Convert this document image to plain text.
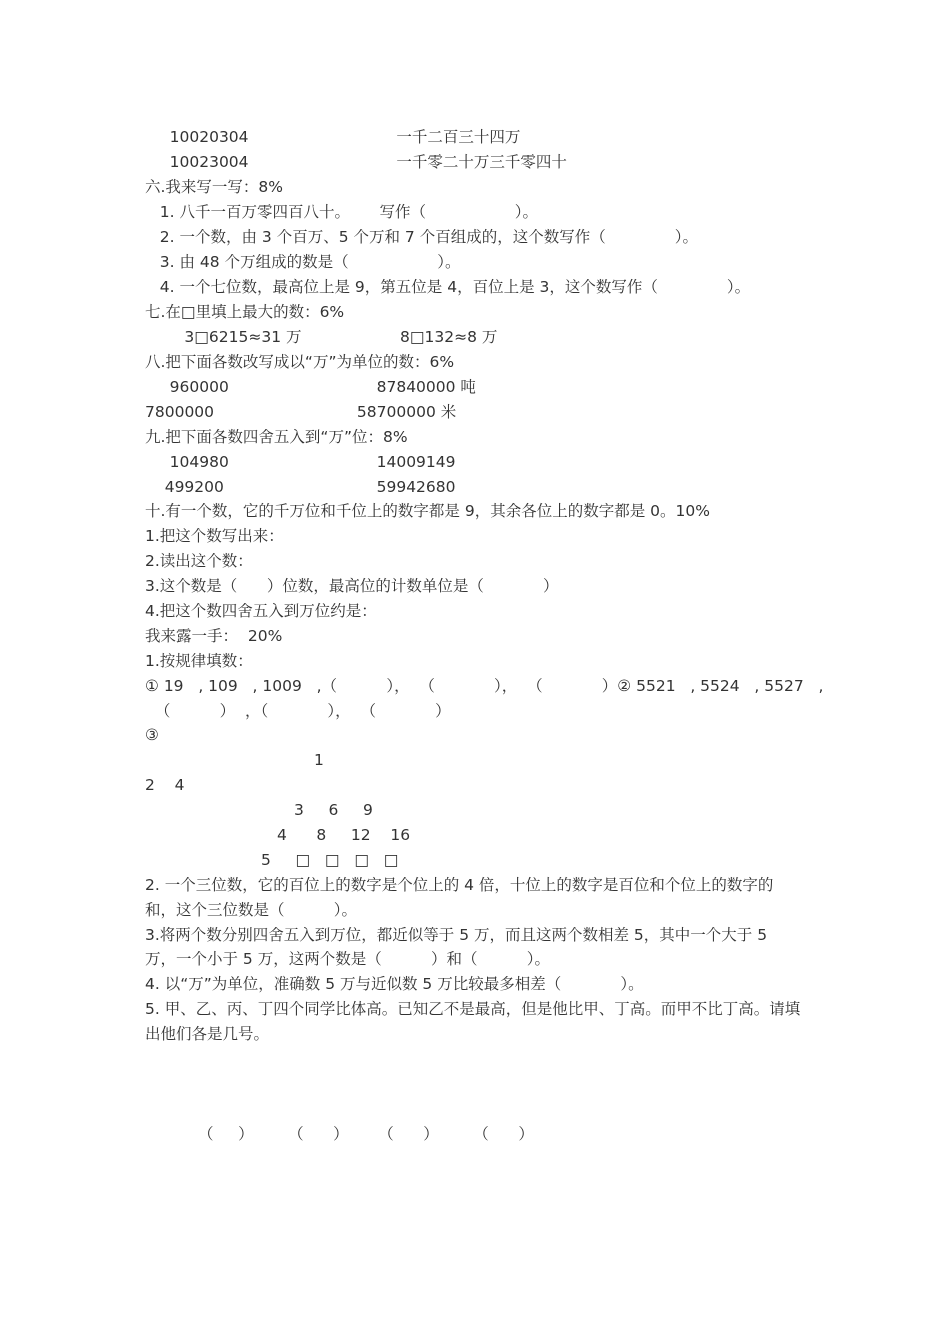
10020304                              一千二百三十四万
10023004                              一千零二十万三千零四十
六.我来写一写：8%
1. 八千一百万零四百八十。      写作（                  ）。
2. 一个数，由 3 个百万、5 个万和 7 个百组成的，这个数写作（              ）。
3. 由 48 个万组成的数是（                  ）。
4. 一个七位数，最高位上是 9，第五位是 4，百位上是 3，这个数写作（              ）。
七.在□里填上最大的数：6%
3□6215≈31 万                    8□132≈8 万
八.把下面各数改写成以“万”为单位的数：6%
960000                              87840000 吨
7800000                             58700000 米
九.把下面各数四舍五入到“万”位：8%
104980                              14009149
499200                               59942680
十.有一个数，它的千万位和千位上的数字都是 9，其余各位上的数字都是 0。10%
1.把这个数写出来：
2.读出这个数：
3.这个数是（      ）位数，最高位的计数单位是（            ）
4.把这个数四舍五入到万位约是：
我来露一手：  20%
1.按规律填数：
① 19   , 109   , 1009   ,（          ），  （            ），  （            ）② 5521   , 5524   , 5527   ,
（          ）  ，（            ），  （            ）
③
1
2    4
3     6     9
4      8     12    16
5     □   □   □   □
2. 一个三位数，它的百位上的数字是个位上的 4 倍，十位上的数字是百位和个位上的数字的
和，这个三位数是（          ）。
3.将两个数分别四舍五入到万位，都近似等于 5 万，而且这两个数相差 5，其中一个大于 5
万，一个小于 5 万，这两个数是（          ）和（          ）。
4. 以“万”为单位，准确数 5 万与近似数 5 万比较最多相差（            ）。
5. 甲、乙、丙、丁四个同学比体高。已知乙不是最高，但是他比甲、丁高。而甲不比丁高。请填
出他们各是几号。
（     ）       （      ）      （      ）       （      ）
